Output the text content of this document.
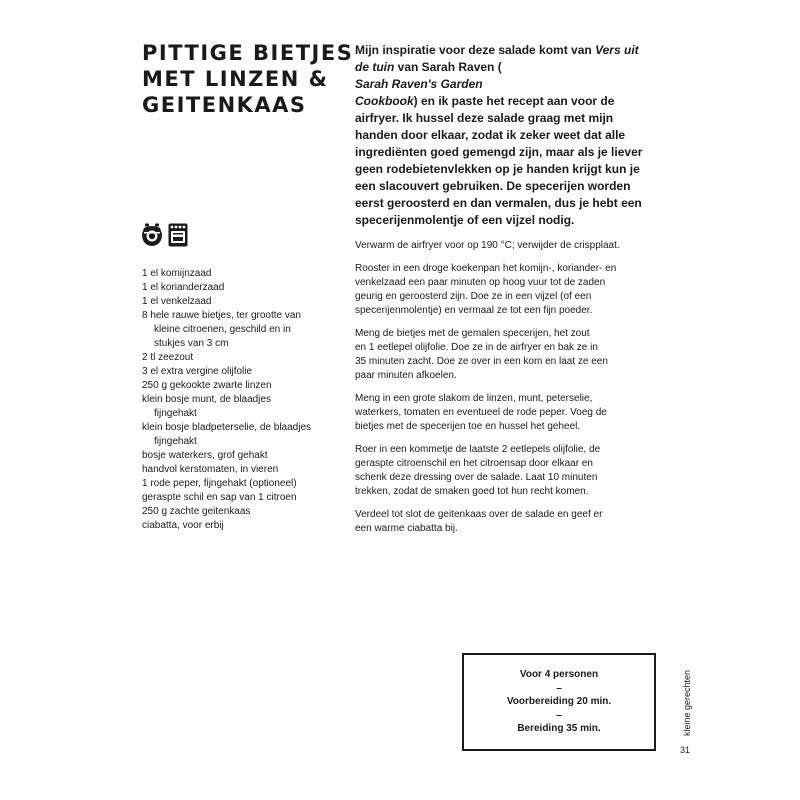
PITTIGE BIETJES
MET LINZEN &
GEITENKAAS

Mijn inspiratie voor deze salade komt van Vers uit
de tuin van Sarah Raven (
Sarah Raven's Garden
Cookbook) en ik paste het recept aan voor de
airfryer. Ik hussel deze salade graag met mijn
handen door elkaar, zodat ik zeker weet dat alle
ingrediënten goed gemengd zijn, maar als je liever
geen rodebietenvlekken op je handen krijgt kun je
een slacouvert gebruiken. De specerijen worden
eerst geroosterd en dan vermalen, dus je hebt een
specerijenmolentje of een vijzel nodig.

1 el komijnzaad
1 el korianderzaad
1 el venkelzaad
8 hele rauwe bietjes, ter grootte van
kleine citroenen, geschild en in
stukjes van 3 cm
2 tl zeezout
3 el extra vergine olijfolie
250 g gekookte zwarte linzen
klein bosje munt, de blaadjes
fijngehakt
klein bosje bladpeterselie, de blaadjes
fijngehakt
bosje waterkers, grof gehakt
handvol kerstomaten, in vieren
1 rode peper, fijngehakt (optioneel)
geraspte schil en sap van 1 citroen
250 g zachte geitenkaas
ciabatta, voor erbij

Verwarm de airfryer voor op 190 °C; verwijder de crispplaat.

Rooster in een droge koekenpan het komijn-, koriander- en
venkelzaad een paar minuten op hoog vuur tot de zaden
geurig en geroosterd zijn. Doe ze in een vijzel (of een
specerijenmolentje) en vermaal ze tot een fijn poeder.

Meng de bietjes met de gemalen specerijen, het zout
en 1 eetlepel olijfolie. Doe ze in de airfryer en bak ze in
35 minuten zacht. Doe ze over in een kom en laat ze een
paar minuten afkoelen.

Meng in een grote slakom de linzen, munt, peterselie,
waterkers, tomaten en eventueel de rode peper. Voeg de
bietjes met de specerijen toe en hussel het geheel.

Roer in een kommetje de laatste 2 eetlepels olijfolie, de
geraspte citroenschil en het citroensap door elkaar en
schenk deze dressing over de salade. Laat 10 minuten
trekken, zodat de smaken goed tot hun recht komen.

Verdeel tot slot de geitenkaas over de salade en geef er
een warme ciabatta bij.

Voor 4 personen
–
Voorbereiding 20 min.
–
Bereiding 35 min.	kleine gerechten
31
